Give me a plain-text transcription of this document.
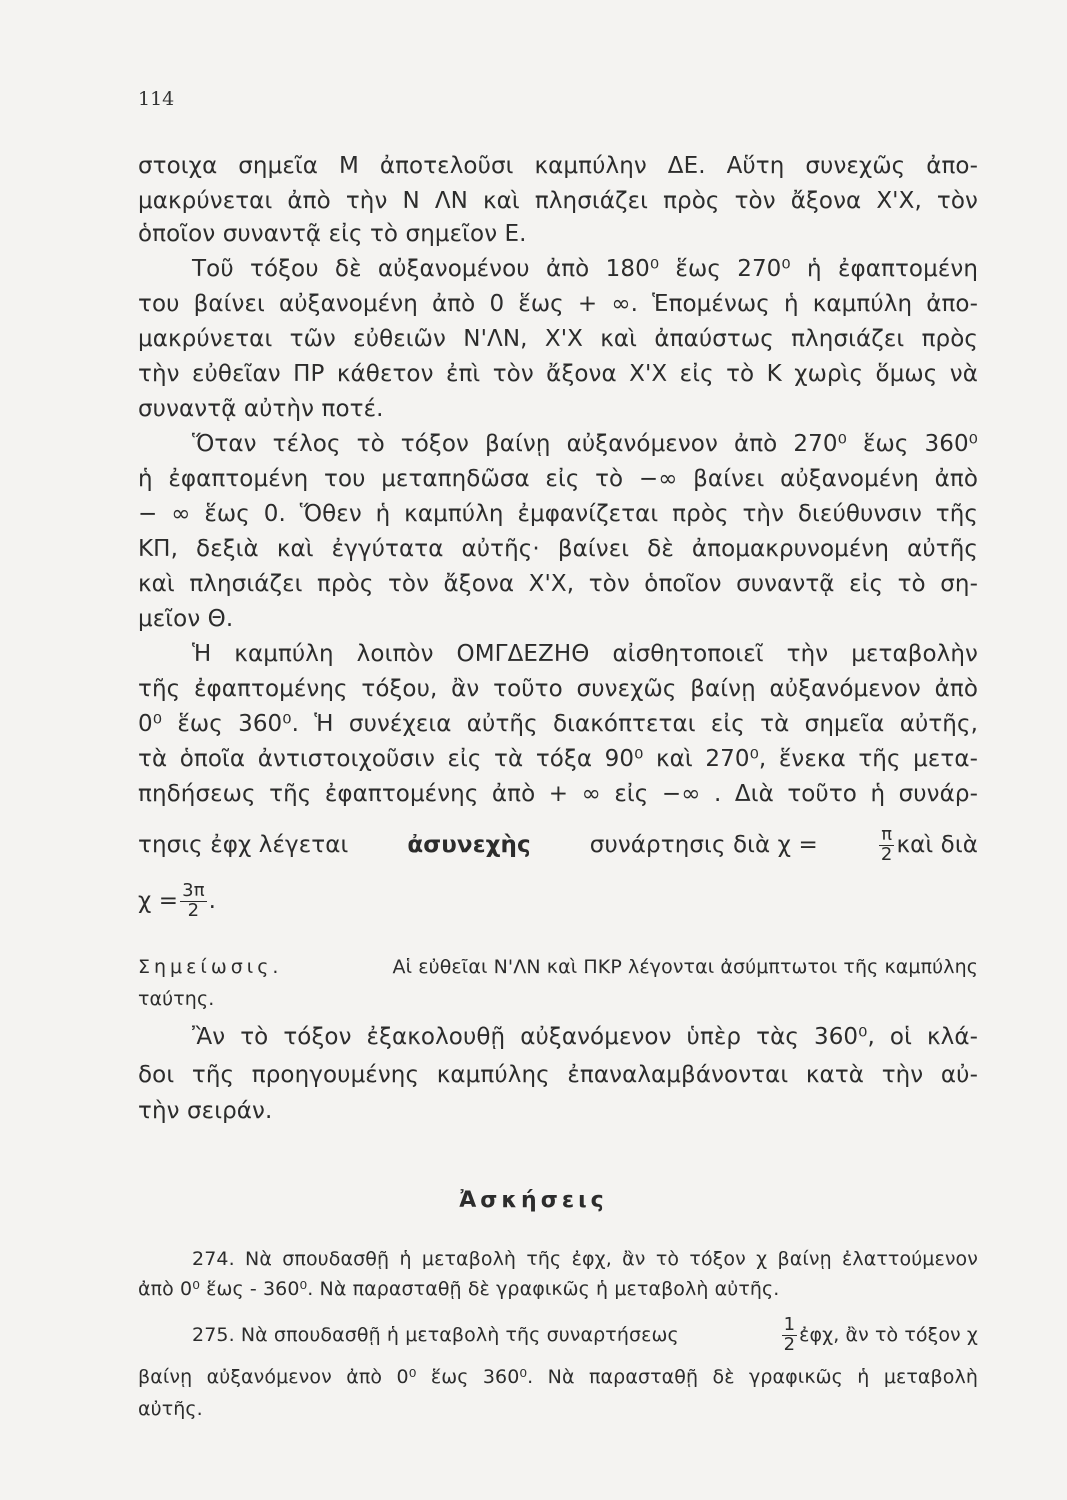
114
στοιχα σημεῖα Μ ἀποτελοῦσι καμπύλην ΔΕ. Αὕτη συνεχῶς ἀπο-
μακρύνεται ἀπὸ τὴν Ν ΛΝ καὶ πλησιάζει πρὸς τὸν ἄξονα Χ'Χ, τὸν
ὁποῖον συναντᾷ εἰς τὸ σημεῖον Ε.
Τοῦ τόξου δὲ αὐξανομένου ἀπὸ 180⁰ ἕως 270⁰ ἡ ἐφαπτομένη
του βαίνει αὐξανομένη ἀπὸ 0 ἕως + ∞. Ἑπομένως ἡ καμπύλη ἀπο-
μακρύνεται τῶν εὐθειῶν Ν'ΛΝ, Χ'Χ καὶ ἀπαύστως πλησιάζει πρὸς
τὴν εὐθεῖαν ΠΡ κάθετον ἐπὶ τὸν ἄξονα Χ'Χ εἰς τὸ Κ χωρὶς ὅμως νὰ
συναντᾷ αὐτὴν ποτέ.
Ὅταν τέλος τὸ τόξον βαίνῃ αὐξανόμενον ἀπὸ 270⁰ ἕως 360⁰
ἡ ἐφαπτομένη του μεταπηδῶσα εἰς τὸ −∞ βαίνει αὐξανομένη ἀπὸ
− ∞ ἕως 0. Ὅθεν ἡ καμπύλη ἐμφανίζεται πρὸς τὴν διεύθυνσιν τῆς
ΚΠ, δεξιὰ καὶ ἐγγύτατα αὐτῆς· βαίνει δὲ ἀπομακρυνομένη αὐτῆς
καὶ πλησιάζει πρὸς τὸν ἄξονα Χ'Χ, τὸν ὁποῖον συναντᾷ εἰς τὸ ση-
μεῖον Θ.
Ἡ καμπύλη λοιπὸν ΟΜΓΔΕΖΗΘ αἰσθητοποιεῖ τὴν μεταβολὴν
τῆς ἐφαπτομένης τόξου, ἂν τοῦτο συνεχῶς βαίνῃ αὐξανόμενον ἀπὸ
0⁰ ἕως 360⁰. Ἡ συνέχεια αὐτῆς διακόπτεται εἰς τὰ σημεῖα αὐτῆς,
τὰ ὁποῖα ἀντιστοιχοῦσιν εἰς τὰ τόξα 90⁰ καὶ 270⁰, ἕνεκα τῆς μετα-
πηδήσεως τῆς ἐφαπτομένης ἀπὸ + ∞ εἰς −∞ . Διὰ τοῦτο ἡ συνάρ-
τησις ἐφχ λέγεται	ἀσυνεχὴς	συνάρτησις διὰ χ =	$\frac{\pi}{2}$ καὶ διὰ
$\chi = \frac{3\pi}{2}$ .
Σημείωσις.	Αἱ εὐθεῖαι Ν'ΛΝ καὶ ΠΚΡ λέγονται ἀσύμπτωτοι τῆς καμπύλης
ταύτης.
Ἂν τὸ τόξον ἐξακολουθῇ αὐξανόμενον ὑπὲρ τὰς 360⁰, οἱ κλά-
δοι τῆς προηγουμένης καμπύλης ἐπαναλαμβάνονται κατὰ τὴν αὐ-
τὴν σειράν.
Ἀσκήσεις
274. Νὰ σπουδασθῇ ἡ μεταβολὴ τῆς ἐφχ, ἂν τὸ τόξον χ βαίνῃ ἐλαττούμενον
ἀπὸ 0⁰ ἕως - 360⁰. Νὰ παρασταθῇ δὲ γραφικῶς ἡ μεταβολὴ αὐτῆς.
275. Νὰ σπουδασθῇ ἡ μεταβολὴ τῆς συναρτήσεως	$\frac{1}{2}$ ἐφχ, ἂν τὸ τόξον χ
βαίνῃ αὐξανόμενον ἀπὸ 0⁰ ἕως 360⁰. Νὰ παρασταθῇ δὲ γραφικῶς ἡ μεταβολὴ
αὐτῆς.
